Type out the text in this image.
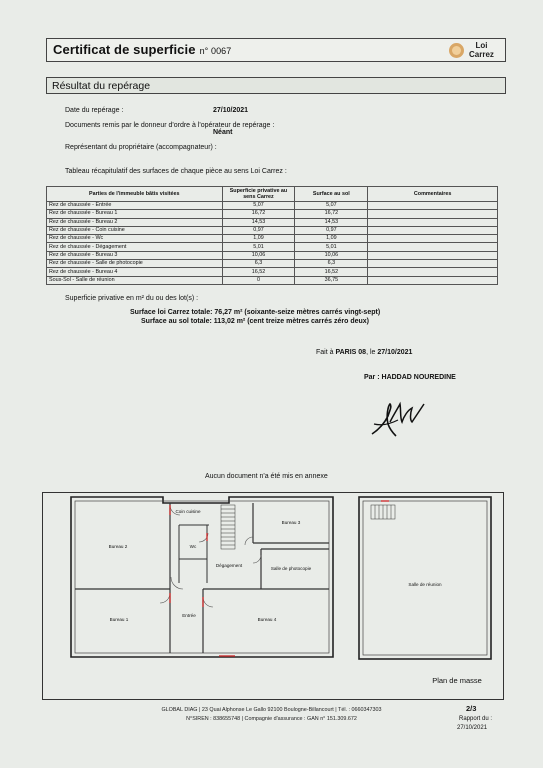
Certificat de superficie n° 0067
Loi
Carrez
Résultat du repérage
Date du repérage :	27/10/2021
Documents remis par le donneur d'ordre à l'opérateur de repérage :
Néant
Représentant du propriétaire (accompagnateur) :
Tableau récapitulatif des surfaces de chaque pièce au sens Loi Carrez :
Parties de l'immeuble bâtis visitées	Superficie privative au sens Carrez	Surface au sol	Commentaires
Rez de chaussée - Entrée	5,07	5,07	
Rez de chaussée - Bureau 1	16,72	16,72	
Rez de chaussée - Bureau 2	14,53	14,53	
Rez de chaussée - Coin cuisine	0,97	0,97	
Rez de chaussée - Wc	1,09	1,09	
Rez de chaussée - Dégagement	5,01	5,01	
Rez de chaussée - Bureau 3	10,06	10,06	
Rez de chaussée - Salle de photocopie	6,3	6,3	
Rez de chaussée - Bureau 4	16,52	16,52	
Sous-Sol - Salle de réunion	0	36,75	
Superficie privative en m² du ou des lot(s) :
Surface loi Carrez totale: 76,27 m² (soixante-seize mètres carrés vingt-sept)
Surface au sol totale: 113,02 m² (cent treize mètres carrés zéro deux)
Fait à PARIS 08, le 27/10/2021
Par : HADDAD NOUREDINE
Aucun document n'a été mis en annexe
Bureau 2
Coin cuisine
Wc
Bureau 3
Dégagement
Salle de photocopie
Bureau 1
Entrée
Bureau 4
Salle de réunion
Plan de masse
GLOBAL DIAG | 23 Quai Alphonse Le Gallo 92100 Boulogne-Billancourt | Tél. : 0660347303
N°SIREN : 838655748 | Compagnie d'assurance : GAN n° 151.309.672
2/3
Rapport du :
27/10/2021
